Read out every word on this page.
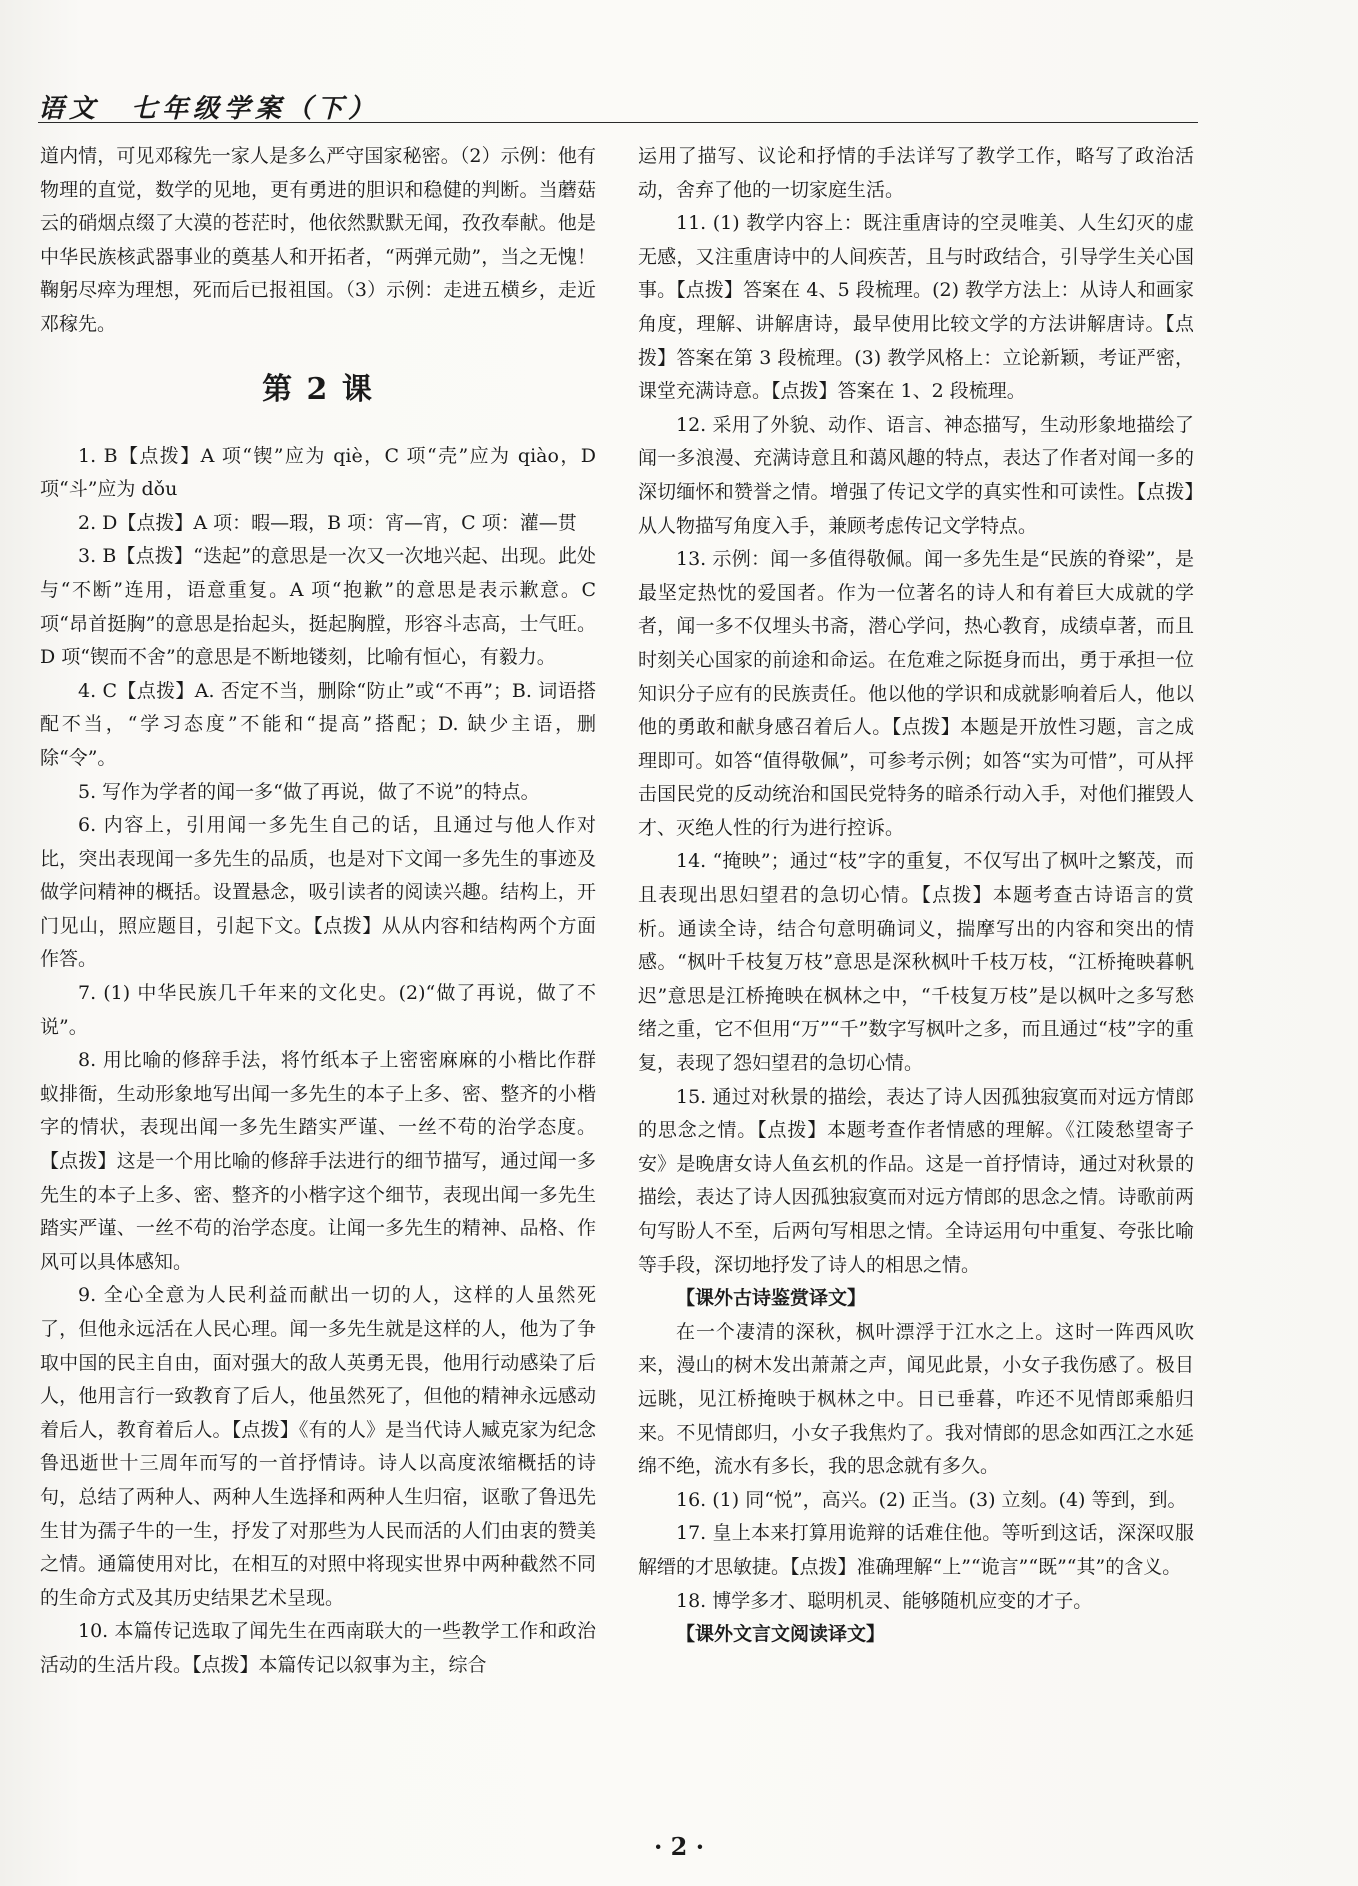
语文　七年级学案（下）

道内情，可见邓稼先一家人是多么严守国家秘密。（2）示例：他有物理的直觉，数学的见地，更有勇进的胆识和稳健的判断。当蘑菇云的硝烟点缀了大漠的苍茫时，他依然默默无闻，孜孜奉献。他是中华民族核武器事业的奠基人和开拓者，“两弹元勋”，当之无愧！鞠躬尽瘁为理想，死而后已报祖国。（3）示例：走进五横乡，走近邓稼先。

第 2 课

1. B【点拨】A 项“锲”应为 qiè，C 项“壳”应为 qiào，D 项“斗”应为 dǒu

2. D【点拨】A 项：暇—瑕，B 项：宵—宵，C 项：灌—贯

3. B【点拨】“迭起”的意思是一次又一次地兴起、出现。此处与“不断”连用，语意重复。A 项“抱歉”的意思是表示歉意。C 项“昂首挺胸”的意思是抬起头，挺起胸膛，形容斗志高，士气旺。D 项“锲而不舍”的意思是不断地镂刻，比喻有恒心，有毅力。

4. C【点拨】A. 否定不当，删除“防止”或“不再”；B. 词语搭配不当，“学习态度”不能和“提高”搭配；D. 缺少主语，删除“令”。

5. 写作为学者的闻一多“做了再说，做了不说”的特点。

6. 内容上，引用闻一多先生自己的话，且通过与他人作对比，突出表现闻一多先生的品质，也是对下文闻一多先生的事迹及做学问精神的概括。设置悬念，吸引读者的阅读兴趣。结构上，开门见山，照应题目，引起下文。【点拨】从从内容和结构两个方面作答。

7. (1) 中华民族几千年来的文化史。(2)“做了再说，做了不说”。

8. 用比喻的修辞手法，将竹纸本子上密密麻麻的小楷比作群蚁排衙，生动形象地写出闻一多先生的本子上多、密、整齐的小楷字的情状，表现出闻一多先生踏实严谨、一丝不苟的治学态度。【点拨】这是一个用比喻的修辞手法进行的细节描写，通过闻一多先生的本子上多、密、整齐的小楷字这个细节，表现出闻一多先生踏实严谨、一丝不苟的治学态度。让闻一多先生的精神、品格、作风可以具体感知。

9. 全心全意为人民利益而献出一切的人，这样的人虽然死了，但他永远活在人民心理。闻一多先生就是这样的人，他为了争取中国的民主自由，面对强大的敌人英勇无畏，他用行动感染了后人，他用言行一致教育了后人，他虽然死了，但他的精神永远感动着后人，教育着后人。【点拨】《有的人》是当代诗人臧克家为纪念鲁迅逝世十三周年而写的一首抒情诗。诗人以高度浓缩概括的诗句，总结了两种人、两种人生选择和两种人生归宿，讴歌了鲁迅先生甘为孺子牛的一生，抒发了对那些为人民而活的人们由衷的赞美之情。通篇使用对比，在相互的对照中将现实世界中两种截然不同的生命方式及其历史结果艺术呈现。

10. 本篇传记选取了闻先生在西南联大的一些教学工作和政治活动的生活片段。【点拨】本篇传记以叙事为主，综合

运用了描写、议论和抒情的手法详写了教学工作，略写了政治活动，舍弃了他的一切家庭生活。

11. (1) 教学内容上：既注重唐诗的空灵唯美、人生幻灭的虚无感，又注重唐诗中的人间疾苦，且与时政结合，引导学生关心国事。【点拨】答案在 4、5 段梳理。(2) 教学方法上：从诗人和画家角度，理解、讲解唐诗，最早使用比较文学的方法讲解唐诗。【点拨】答案在第 3 段梳理。(3) 教学风格上：立论新颖，考证严密，课堂充满诗意。【点拨】答案在 1、2 段梳理。

12. 采用了外貌、动作、语言、神态描写，生动形象地描绘了闻一多浪漫、充满诗意且和蔼风趣的特点，表达了作者对闻一多的深切缅怀和赞誉之情。增强了传记文学的真实性和可读性。【点拨】从人物描写角度入手，兼顾考虑传记文学特点。

13. 示例：闻一多值得敬佩。闻一多先生是“民族的脊梁”，是最坚定热忱的爱国者。作为一位著名的诗人和有着巨大成就的学者，闻一多不仅埋头书斋，潜心学问，热心教育，成绩卓著，而且时刻关心国家的前途和命运。在危难之际挺身而出，勇于承担一位知识分子应有的民族责任。他以他的学识和成就影响着后人，他以他的勇敢和献身感召着后人。【点拨】本题是开放性习题，言之成理即可。如答“值得敬佩”，可参考示例；如答“实为可惜”，可从抨击国民党的反动统治和国民党特务的暗杀行动入手，对他们摧毁人才、灭绝人性的行为进行控诉。

14. “掩映”；通过“枝”字的重复，不仅写出了枫叶之繁茂，而且表现出思妇望君的急切心情。【点拨】本题考查古诗语言的赏析。通读全诗，结合句意明确词义，揣摩写出的内容和突出的情感。“枫叶千枝复万枝”意思是深秋枫叶千枝万枝，“江桥掩映暮帆迟”意思是江桥掩映在枫林之中，“千枝复万枝”是以枫叶之多写愁绪之重，它不但用“万”“千”数字写枫叶之多，而且通过“枝”字的重复，表现了怨妇望君的急切心情。

15. 通过对秋景的描绘，表达了诗人因孤独寂寞而对远方情郎的思念之情。【点拨】本题考查作者情感的理解。《江陵愁望寄子安》是晚唐女诗人鱼玄机的作品。这是一首抒情诗，通过对秋景的描绘，表达了诗人因孤独寂寞而对远方情郎的思念之情。诗歌前两句写盼人不至，后两句写相思之情。全诗运用句中重复、夸张比喻等手段，深切地抒发了诗人的相思之情。

【课外古诗鉴赏译文】

在一个凄清的深秋，枫叶漂浮于江水之上。这时一阵西风吹来，漫山的树木发出萧萧之声，闻见此景，小女子我伤感了。极目远眺，见江桥掩映于枫林之中。日已垂暮，咋还不见情郎乘船归来。不见情郎归，小女子我焦灼了。我对情郎的思念如西江之水延绵不绝，流水有多长，我的思念就有多久。

16. (1) 同“悦”，高兴。(2) 正当。(3) 立刻。(4) 等到，到。

17. 皇上本来打算用诡辩的话难住他。等听到这话，深深叹服解缙的才思敏捷。【点拨】准确理解“上”“诡言”“既”“其”的含义。

18. 博学多才、聪明机灵、能够随机应变的才子。

【课外文言文阅读译文】

· 2 ·
